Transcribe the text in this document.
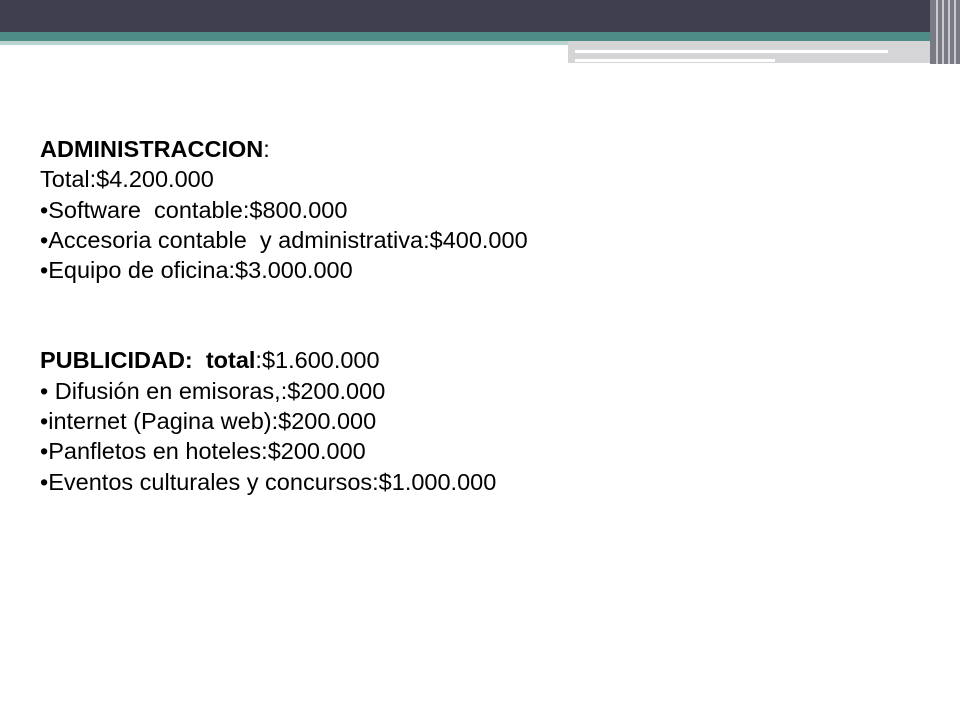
ADMINISTRACCION:
Total:$4.200.000
•Software  contable:$800.000
•Accesoria contable  y administrativa:$400.000
•Equipo de oficina:$3.000.000
PUBLICIDAD: total:$1.600.000
• Difusión en emisoras,:$200.000
•internet (Pagina web):$200.000
•Panfletos en hoteles:$200.000
•Eventos culturales y concursos:$1.000.000
